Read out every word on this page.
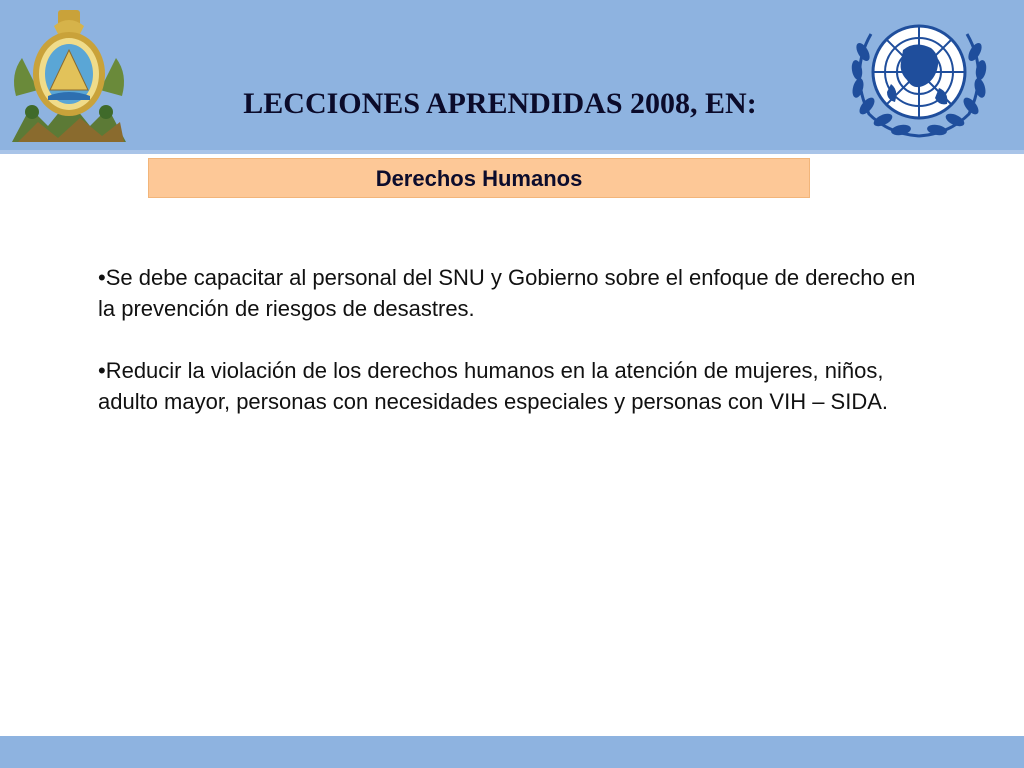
LECCIONES APRENDIDAS 2008, EN:
Derechos Humanos

•Se debe capacitar al personal del SNU y Gobierno sobre el enfoque de derecho en la prevención de riesgos de desastres.

•Reducir la violación de los derechos humanos en la atención de mujeres, niños, adulto mayor, personas con necesidades especiales y personas con VIH – SIDA.
